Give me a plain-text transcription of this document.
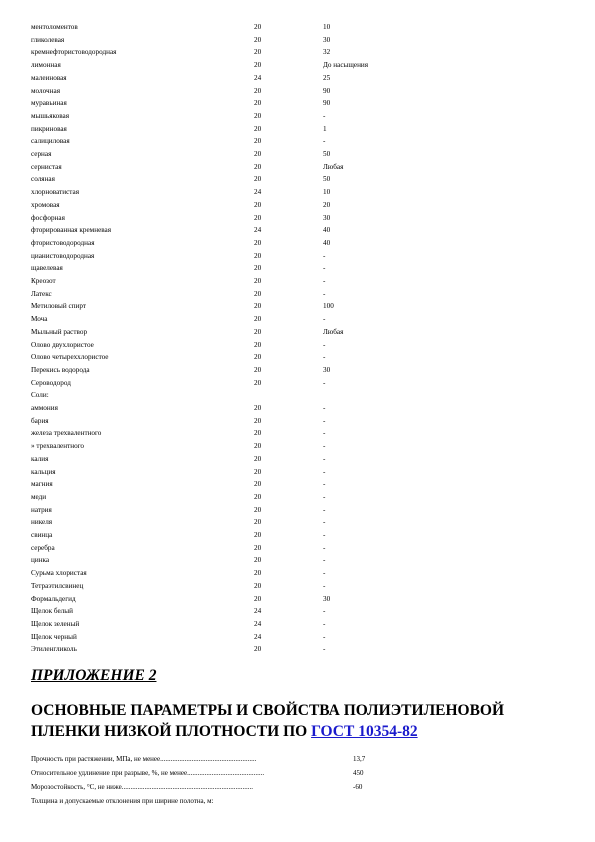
ментоломентов	20	10
гликолевая	20	30
кремнефтористоводородная	20	32
лимонная	20	До насыщения
малеиновая	24	25
молочная	20	90
муравьиная	20	90
мышьяковая	20	-
пикриновая	20	1
салициловая	20	-
серная	20	50
сернистая	20	Любая
соляная	20	50
хлорноватистая	24	10
хромовая	20	20
фосфорная	20	30
фторированная кремневая	24	40
фтористоводородная	20	40
цианистоводородная	20	-
щавелевая	20	-
Креозот	20	-
Латекс	20	-
Метиловый спирт	20	100
Моча	20	-
Мыльный раствор	20	Любая
Олово двухлористое	20	-
Олово четыреххлористое	20	-
Перекись водорода	20	30
Сероводород	20	-
Соли:
аммония	20	-
бария	20	-
железа трехвалентного	20	-
» трехвалентного	20	-
калия	20	-
кальция	20	-
магния	20	-
меди	20	-
натрия	20	-
никеля	20	-
свинца	20	-
серебра	20	-
цинка	20	-
Сурьма хлористая	20	-
Тетраэтилсвинец	20	-
Формальдегид	20	30
Щелок белый	24	-
Щелок зеленый	24	-
Щелок черный	24	-
Этиленгликоль	20	-
ПРИЛОЖЕНИЕ 2
ОСНОВНЫЕ ПАРАМЕТРЫ И СВОЙСТВА ПОЛИЭТИЛЕНОВОЙ ПЛЕНКИ НИЗКОЙ ПЛОТНОСТИ ПО ГОСТ 10354-82
Прочность при растяжении, МПа, не менее.......................................................	13,7
Относительное удлинение при разрыве, %, не менее............................................	450
Морозостойкость, °С, не ниже...........................................................................	-60
Толщина и допускаемые отклонения при ширине полотна, м:
